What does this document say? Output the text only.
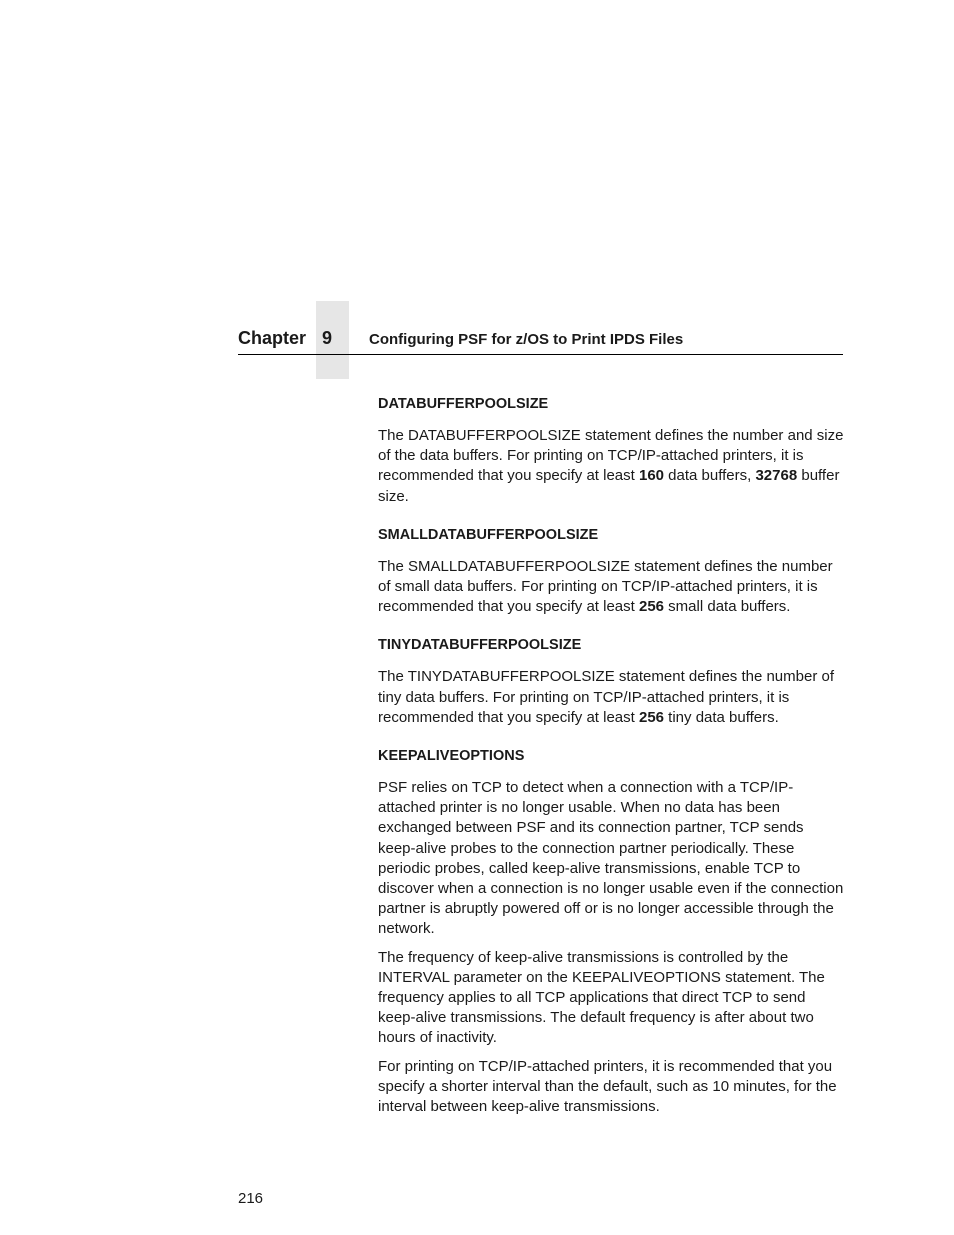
Chapter 9 Configuring PSF for z/OS to Print IPDS Files
DATABUFFERPOOLSIZE

The DATABUFFERPOOLSIZE statement defines the number and size of the data buffers. For printing on TCP/IP-attached printers, it is recommended that you specify at least 160 data buffers, 32768 buffer size.

SMALLDATABUFFERPOOLSIZE

The SMALLDATABUFFERPOOLSIZE statement defines the number of small data buffers. For printing on TCP/IP-attached printers, it is recommended that you specify at least 256 small data buffers.

TINYDATABUFFERPOOLSIZE

The TINYDATABUFFERPOOLSIZE statement defines the number of tiny data buffers. For printing on TCP/IP-attached printers, it is recommended that you specify at least 256 tiny data buffers.

KEEPALIVEOPTIONS

PSF relies on TCP to detect when a connection with a TCP/IP-attached printer is no longer usable. When no data has been exchanged between PSF and its connection partner, TCP sends keep-alive probes to the connection partner periodically. These periodic probes, called keep-alive transmissions, enable TCP to discover when a connection is no longer usable even if the connection partner is abruptly powered off or is no longer accessible through the network.

The frequency of keep-alive transmissions is controlled by the INTERVAL parameter on the KEEPALIVEOPTIONS statement. The frequency applies to all TCP applications that direct TCP to send keep-alive transmissions. The default frequency is after about two hours of inactivity.

For printing on TCP/IP-attached printers, it is recommended that you specify a shorter interval than the default, such as 10 minutes, for the interval between keep-alive transmissions.

216
